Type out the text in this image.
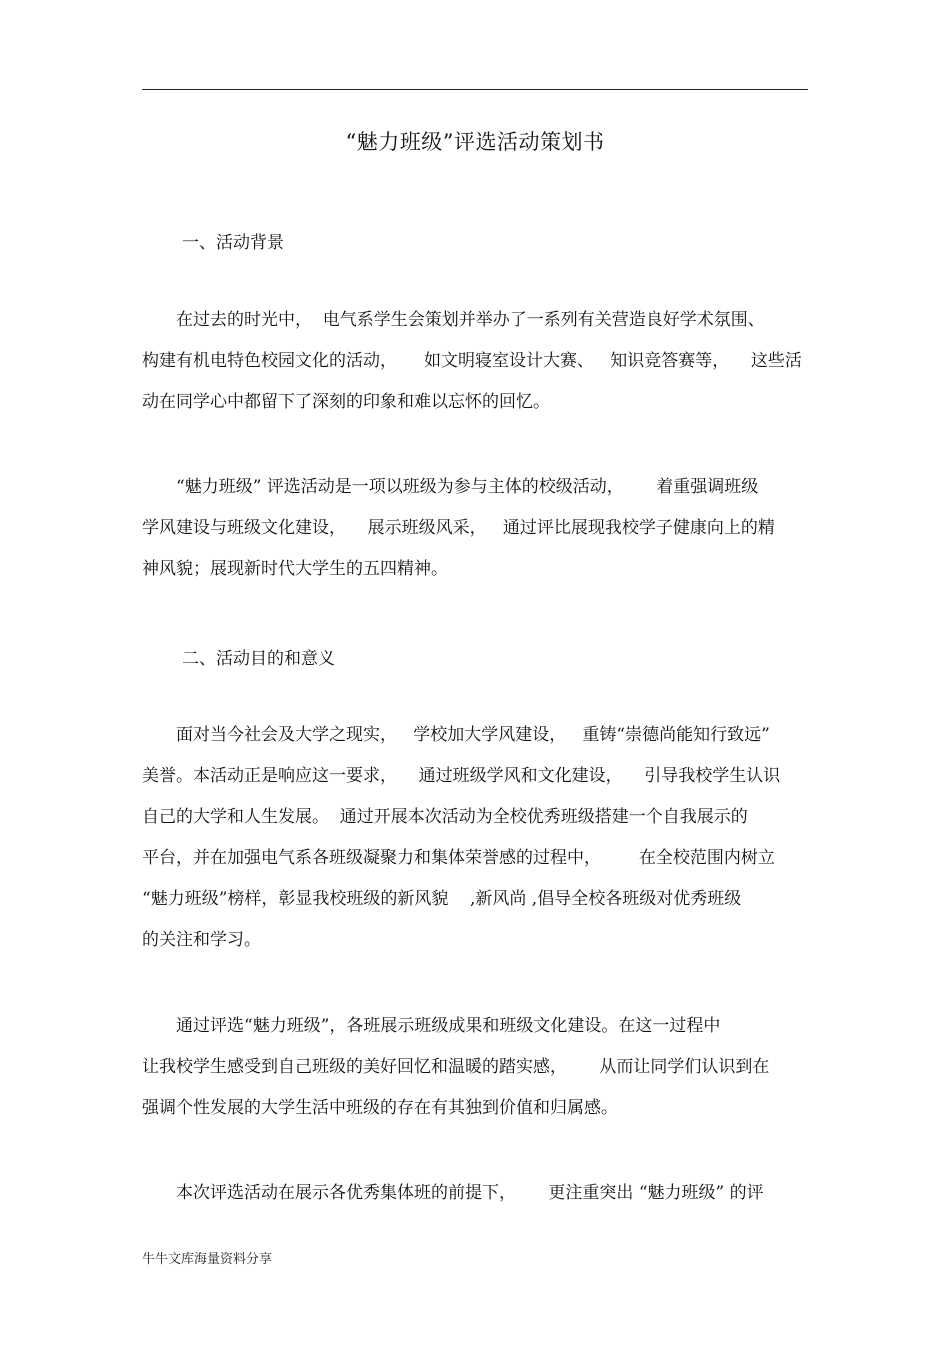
“魅力班级”评选活动策划书
一、活动背景
　　在过去的时光中，  电气系学生会策划并举办了一系列有关营造良好学术氛围、
构建有机电特色校园文化的活动，     如文明寝室设计大赛、   知识竞答赛等，    这些活
动在同学心中都留下了深刻的印象和难以忘怀的回忆。
　　“魅力班级” 评选活动是一项以班级为参与主体的校级活动，      着重强调班级
学风建设与班级文化建设，    展示班级风采，   通过评比展现我校学子健康向上的精
神风貌；展现新时代大学生的五四精神。
二、活动目的和意义
　　面对当今社会及大学之现实，   学校加大学风建设，   重铸“崇德尚能知行致远”
美誉。本活动正是响应这一要求，    通过班级学风和文化建设，    引导我校学生认识
自己的大学和人生发展。  通过开展本次活动为全校优秀班级搭建一个自我展示的
平台，并在加强电气系各班级凝聚力和集体荣誉感的过程中，       在全校范围内树立
“魅力班级”榜样，彰显我校班级的新风貌    ,新风尚 ,倡导全校各班级对优秀班级
的关注和学习。
　　通过评选“魅力班级”，各班展示班级成果和班级文化建设。在这一过程中
让我校学生感受到自己班级的美好回忆和温暖的踏实感，      从而让同学们认识到在
强调个性发展的大学生活中班级的存在有其独到价值和归属感。
　　本次评选活动在展示各优秀集体班的前提下，      更注重突出 “魅力班级” 的评
牛牛文库海量资料分享
